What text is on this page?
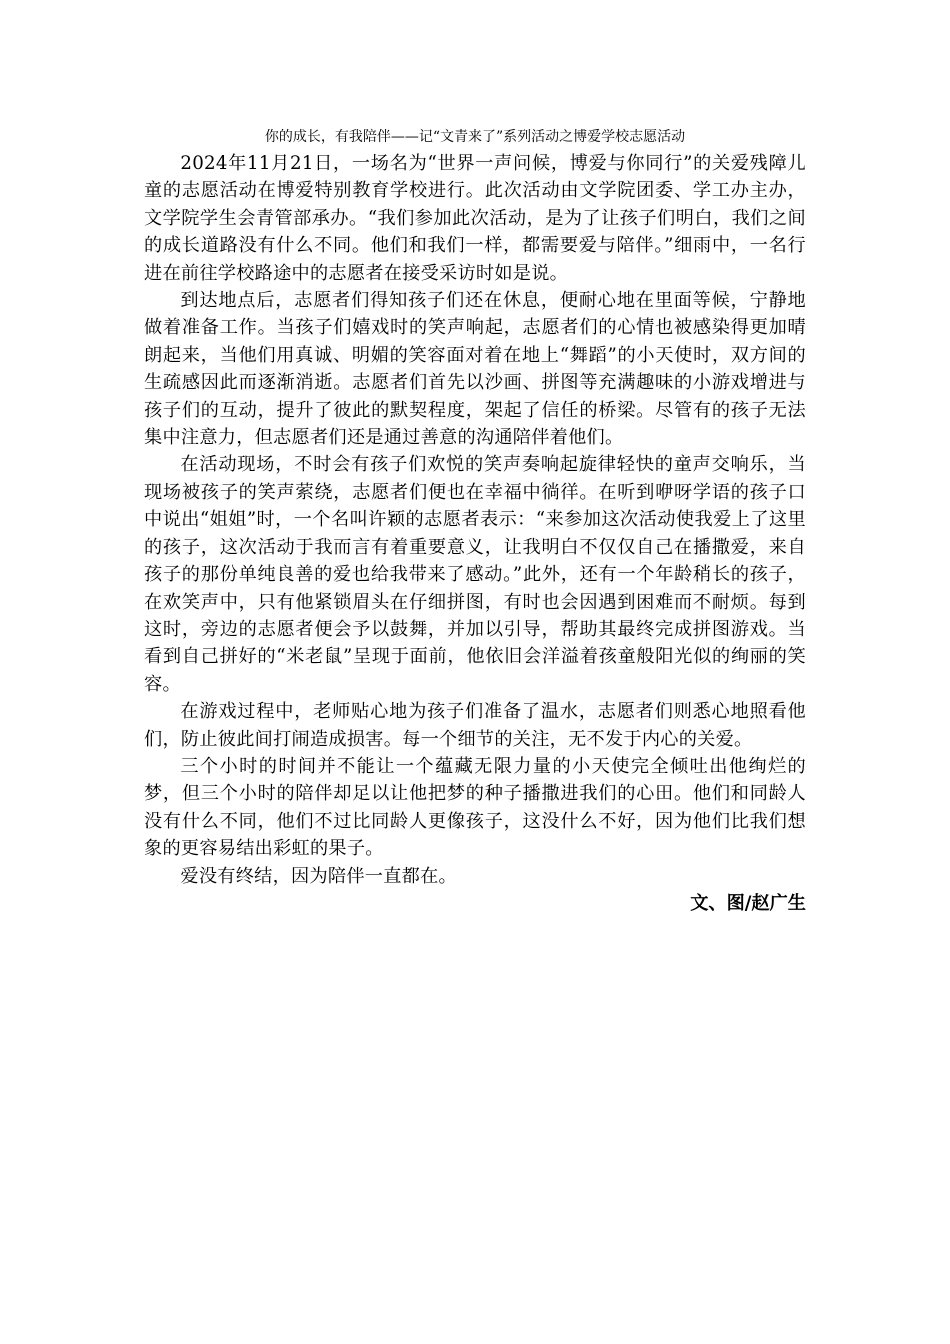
你的成长，有我陪伴——记“文青来了”系列活动之博爱学校志愿活动

2024年11月21日，一场名为“世界一声问候，博爱与你同行”的关爱残障儿童的志愿活动在博爱特别教育学校进行。此次活动由文学院团委、学工办主办，文学院学生会青管部承办。“我们参加此次活动，是为了让孩子们明白，我们之间的成长道路没有什么不同。他们和我们一样，都需要爱与陪伴。”细雨中，一名行进在前往学校路途中的志愿者在接受采访时如是说。

到达地点后，志愿者们得知孩子们还在休息，便耐心地在里面等候，宁静地做着准备工作。当孩子们嬉戏时的笑声响起，志愿者们的心情也被感染得更加晴朗起来，当他们用真诚、明媚的笑容面对着在地上“舞蹈”的小天使时，双方间的生疏感因此而逐渐消逝。志愿者们首先以沙画、拼图等充满趣味的小游戏增进与孩子们的互动，提升了彼此的默契程度，架起了信任的桥梁。尽管有的孩子无法集中注意力，但志愿者们还是通过善意的沟通陪伴着他们。

在活动现场，不时会有孩子们欢悦的笑声奏响起旋律轻快的童声交响乐，当现场被孩子的笑声萦绕，志愿者们便也在幸福中徜徉。在听到咿呀学语的孩子口中说出“姐姐”时，一个名叫许颖的志愿者表示：“来参加这次活动使我爱上了这里的孩子，这次活动于我而言有着重要意义，让我明白不仅仅自己在播撒爱，来自孩子的那份单纯良善的爱也给我带来了感动。”此外，还有一个年龄稍长的孩子，在欢笑声中，只有他紧锁眉头在仔细拼图，有时也会因遇到困难而不耐烦。每到这时，旁边的志愿者便会予以鼓舞，并加以引导，帮助其最终完成拼图游戏。当看到自己拼好的“米老鼠”呈现于面前，他依旧会洋溢着孩童般阳光似的绚丽的笑容。

在游戏过程中，老师贴心地为孩子们准备了温水，志愿者们则悉心地照看他们，防止彼此间打闹造成损害。每一个细节的关注，无不发于内心的关爱。

三个小时的时间并不能让一个蕴藏无限力量的小天使完全倾吐出他绚烂的梦，但三个小时的陪伴却足以让他把梦的种子播撒进我们的心田。他们和同龄人没有什么不同，他们不过比同龄人更像孩子，这没什么不好，因为他们比我们想象的更容易结出彩虹的果子。

爱没有终结，因为陪伴一直都在。

文、图/赵广生
